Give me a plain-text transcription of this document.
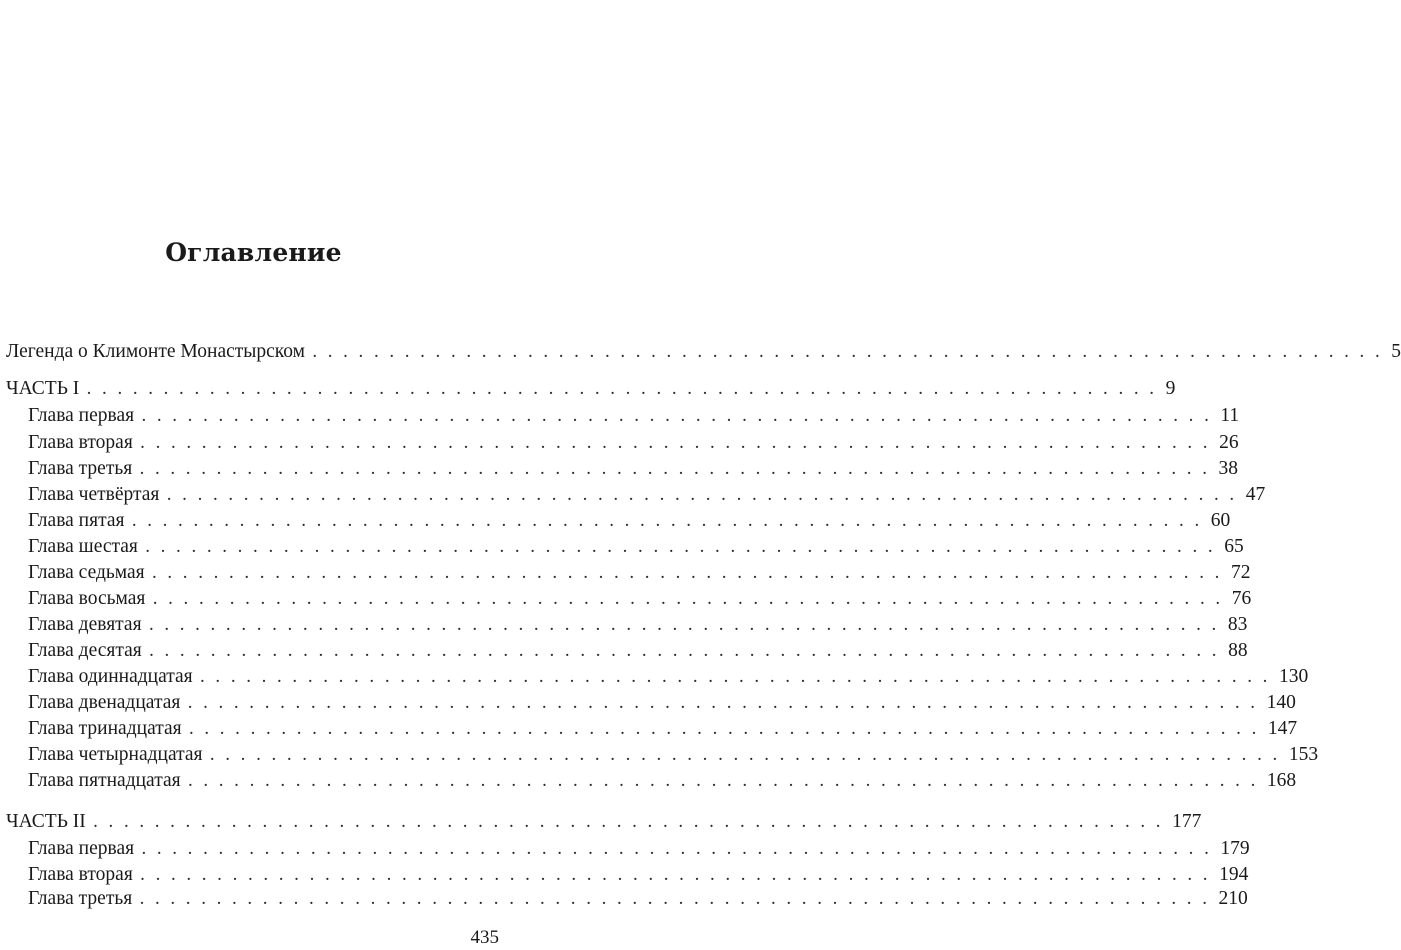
Оглавление
Легенда о Климонте Монастырском . . . . . . . . . . . . . . . . . . . . . . . . . . . . . . . . . . . . . . . . . . . . . . . . . . . . . . . . . . . . . . . . . . . . . . 5
ЧАСТЬ I . . . . . . . . . . . . . . . . . . . . . . . . . . . . . . . . . . . . . . . . . . . . . . . . . . . . . . . . . . . . . . . . . . . . . . 9
Глава первая . . . . . . . . . . . . . . . . . . . . . . . . . . . . . . . . . . . . . . . . . . . . . . . . . . . . . . . . . . . . . . . . . . . . . . 11
Глава вторая . . . . . . . . . . . . . . . . . . . . . . . . . . . . . . . . . . . . . . . . . . . . . . . . . . . . . . . . . . . . . . . . . . . . . . 26
Глава третья . . . . . . . . . . . . . . . . . . . . . . . . . . . . . . . . . . . . . . . . . . . . . . . . . . . . . . . . . . . . . . . . . . . . . . 38
Глава четвёртая . . . . . . . . . . . . . . . . . . . . . . . . . . . . . . . . . . . . . . . . . . . . . . . . . . . . . . . . . . . . . . . . . . . . . . 47
Глава пятая . . . . . . . . . . . . . . . . . . . . . . . . . . . . . . . . . . . . . . . . . . . . . . . . . . . . . . . . . . . . . . . . . . . . . . 60
Глава шестая . . . . . . . . . . . . . . . . . . . . . . . . . . . . . . . . . . . . . . . . . . . . . . . . . . . . . . . . . . . . . . . . . . . . . . 65
Глава седьмая . . . . . . . . . . . . . . . . . . . . . . . . . . . . . . . . . . . . . . . . . . . . . . . . . . . . . . . . . . . . . . . . . . . . . . 72
Глава восьмая . . . . . . . . . . . . . . . . . . . . . . . . . . . . . . . . . . . . . . . . . . . . . . . . . . . . . . . . . . . . . . . . . . . . . . 76
Глава девятая . . . . . . . . . . . . . . . . . . . . . . . . . . . . . . . . . . . . . . . . . . . . . . . . . . . . . . . . . . . . . . . . . . . . . . 83
Глава десятая . . . . . . . . . . . . . . . . . . . . . . . . . . . . . . . . . . . . . . . . . . . . . . . . . . . . . . . . . . . . . . . . . . . . . . 88
Глава одиннадцатая . . . . . . . . . . . . . . . . . . . . . . . . . . . . . . . . . . . . . . . . . . . . . . . . . . . . . . . . . . . . . . . . . . . . . . 130
Глава двенадцатая . . . . . . . . . . . . . . . . . . . . . . . . . . . . . . . . . . . . . . . . . . . . . . . . . . . . . . . . . . . . . . . . . . . . . . 140
Глава тринадцатая . . . . . . . . . . . . . . . . . . . . . . . . . . . . . . . . . . . . . . . . . . . . . . . . . . . . . . . . . . . . . . . . . . . . . . 147
Глава четырнадцатая . . . . . . . . . . . . . . . . . . . . . . . . . . . . . . . . . . . . . . . . . . . . . . . . . . . . . . . . . . . . . . . . . . . . . . 153
Глава пятнадцатая . . . . . . . . . . . . . . . . . . . . . . . . . . . . . . . . . . . . . . . . . . . . . . . . . . . . . . . . . . . . . . . . . . . . . . 168
ЧАСТЬ II . . . . . . . . . . . . . . . . . . . . . . . . . . . . . . . . . . . . . . . . . . . . . . . . . . . . . . . . . . . . . . . . . . . . . . 177
Глава первая . . . . . . . . . . . . . . . . . . . . . . . . . . . . . . . . . . . . . . . . . . . . . . . . . . . . . . . . . . . . . . . . . . . . . . 179
Глава вторая . . . . . . . . . . . . . . . . . . . . . . . . . . . . . . . . . . . . . . . . . . . . . . . . . . . . . . . . . . . . . . . . . . . . . . 194
Глава третья . . . . . . . . . . . . . . . . . . . . . . . . . . . . . . . . . . . . . . . . . . . . . . . . . . . . . . . . . . . . . . . . . . . . . . 210
435
